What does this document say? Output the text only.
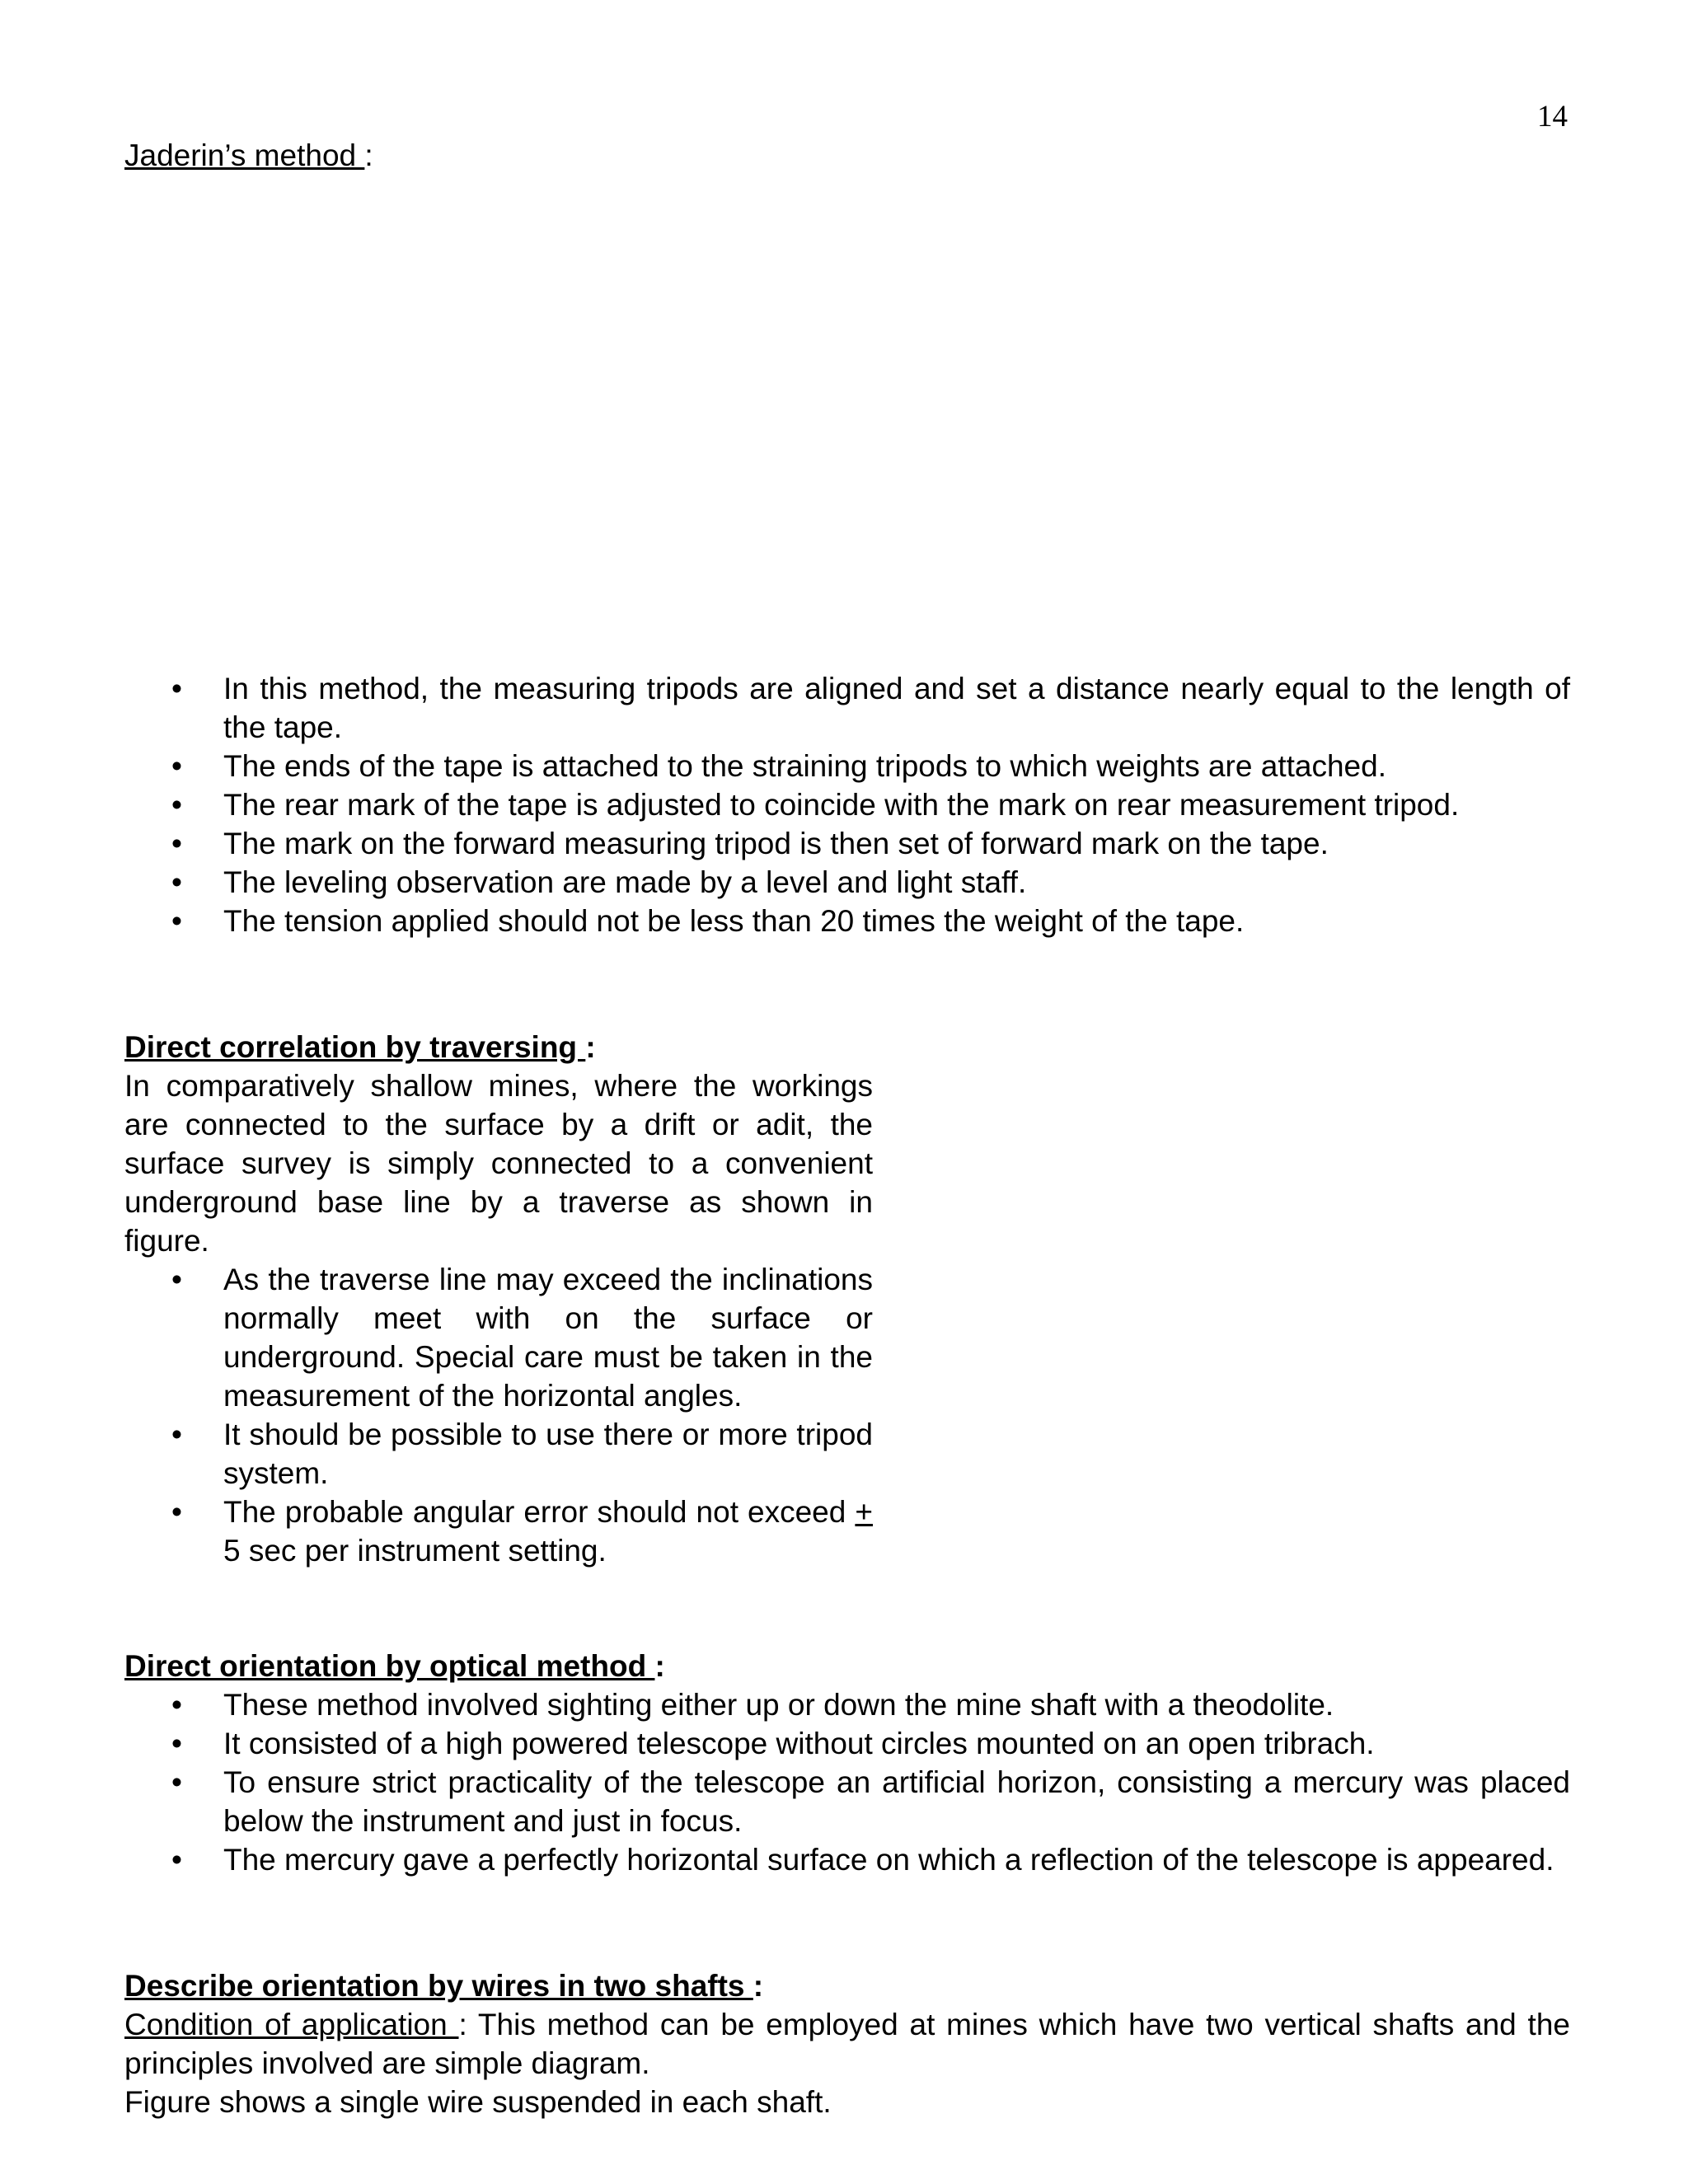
14
Jaderin’s method :
• In this method, the measuring tripods are aligned and set a distance nearly equal to the length of the tape.
• The ends of the tape is attached to the straining tripods to which weights are attached.
• The rear mark of the tape is adjusted to coincide with the mark on rear measurement tripod.
• The mark on the forward measuring tripod is then set of forward mark on the tape.
• The leveling observation are made by a level and light staff.
• The tension applied should not be less than 20 times the weight of the tape.

Direct correlation by traversing :

In comparatively shallow mines, where the workings are connected to the surface by a drift or adit, the surface survey is simply connected to a convenient underground base line by a traverse as shown in figure.

• As the traverse line may exceed the inclinations normally meet with on the surface or underground. Special care must be taken in the measurement of the horizontal angles.
• It should be possible to use there or more tripod system.
• The probable angular error should not exceed + 5 sec per instrument setting.

Direct orientation by optical method :

• These method involved sighting either up or down the mine shaft with a theodolite.
• It consisted of a high powered telescope without circles mounted on an open tribrach.
• To ensure strict practicality of the telescope an artificial horizon, consisting a mercury was placed below the instrument and just in focus.
• The mercury gave a perfectly horizontal surface on which a reflection of the telescope is appeared.

Describe orientation by wires in two shafts :

Condition of application : This method can be employed at mines which have two vertical shafts and the principles involved are simple diagram.

Figure shows a single wire suspended in each shaft.
